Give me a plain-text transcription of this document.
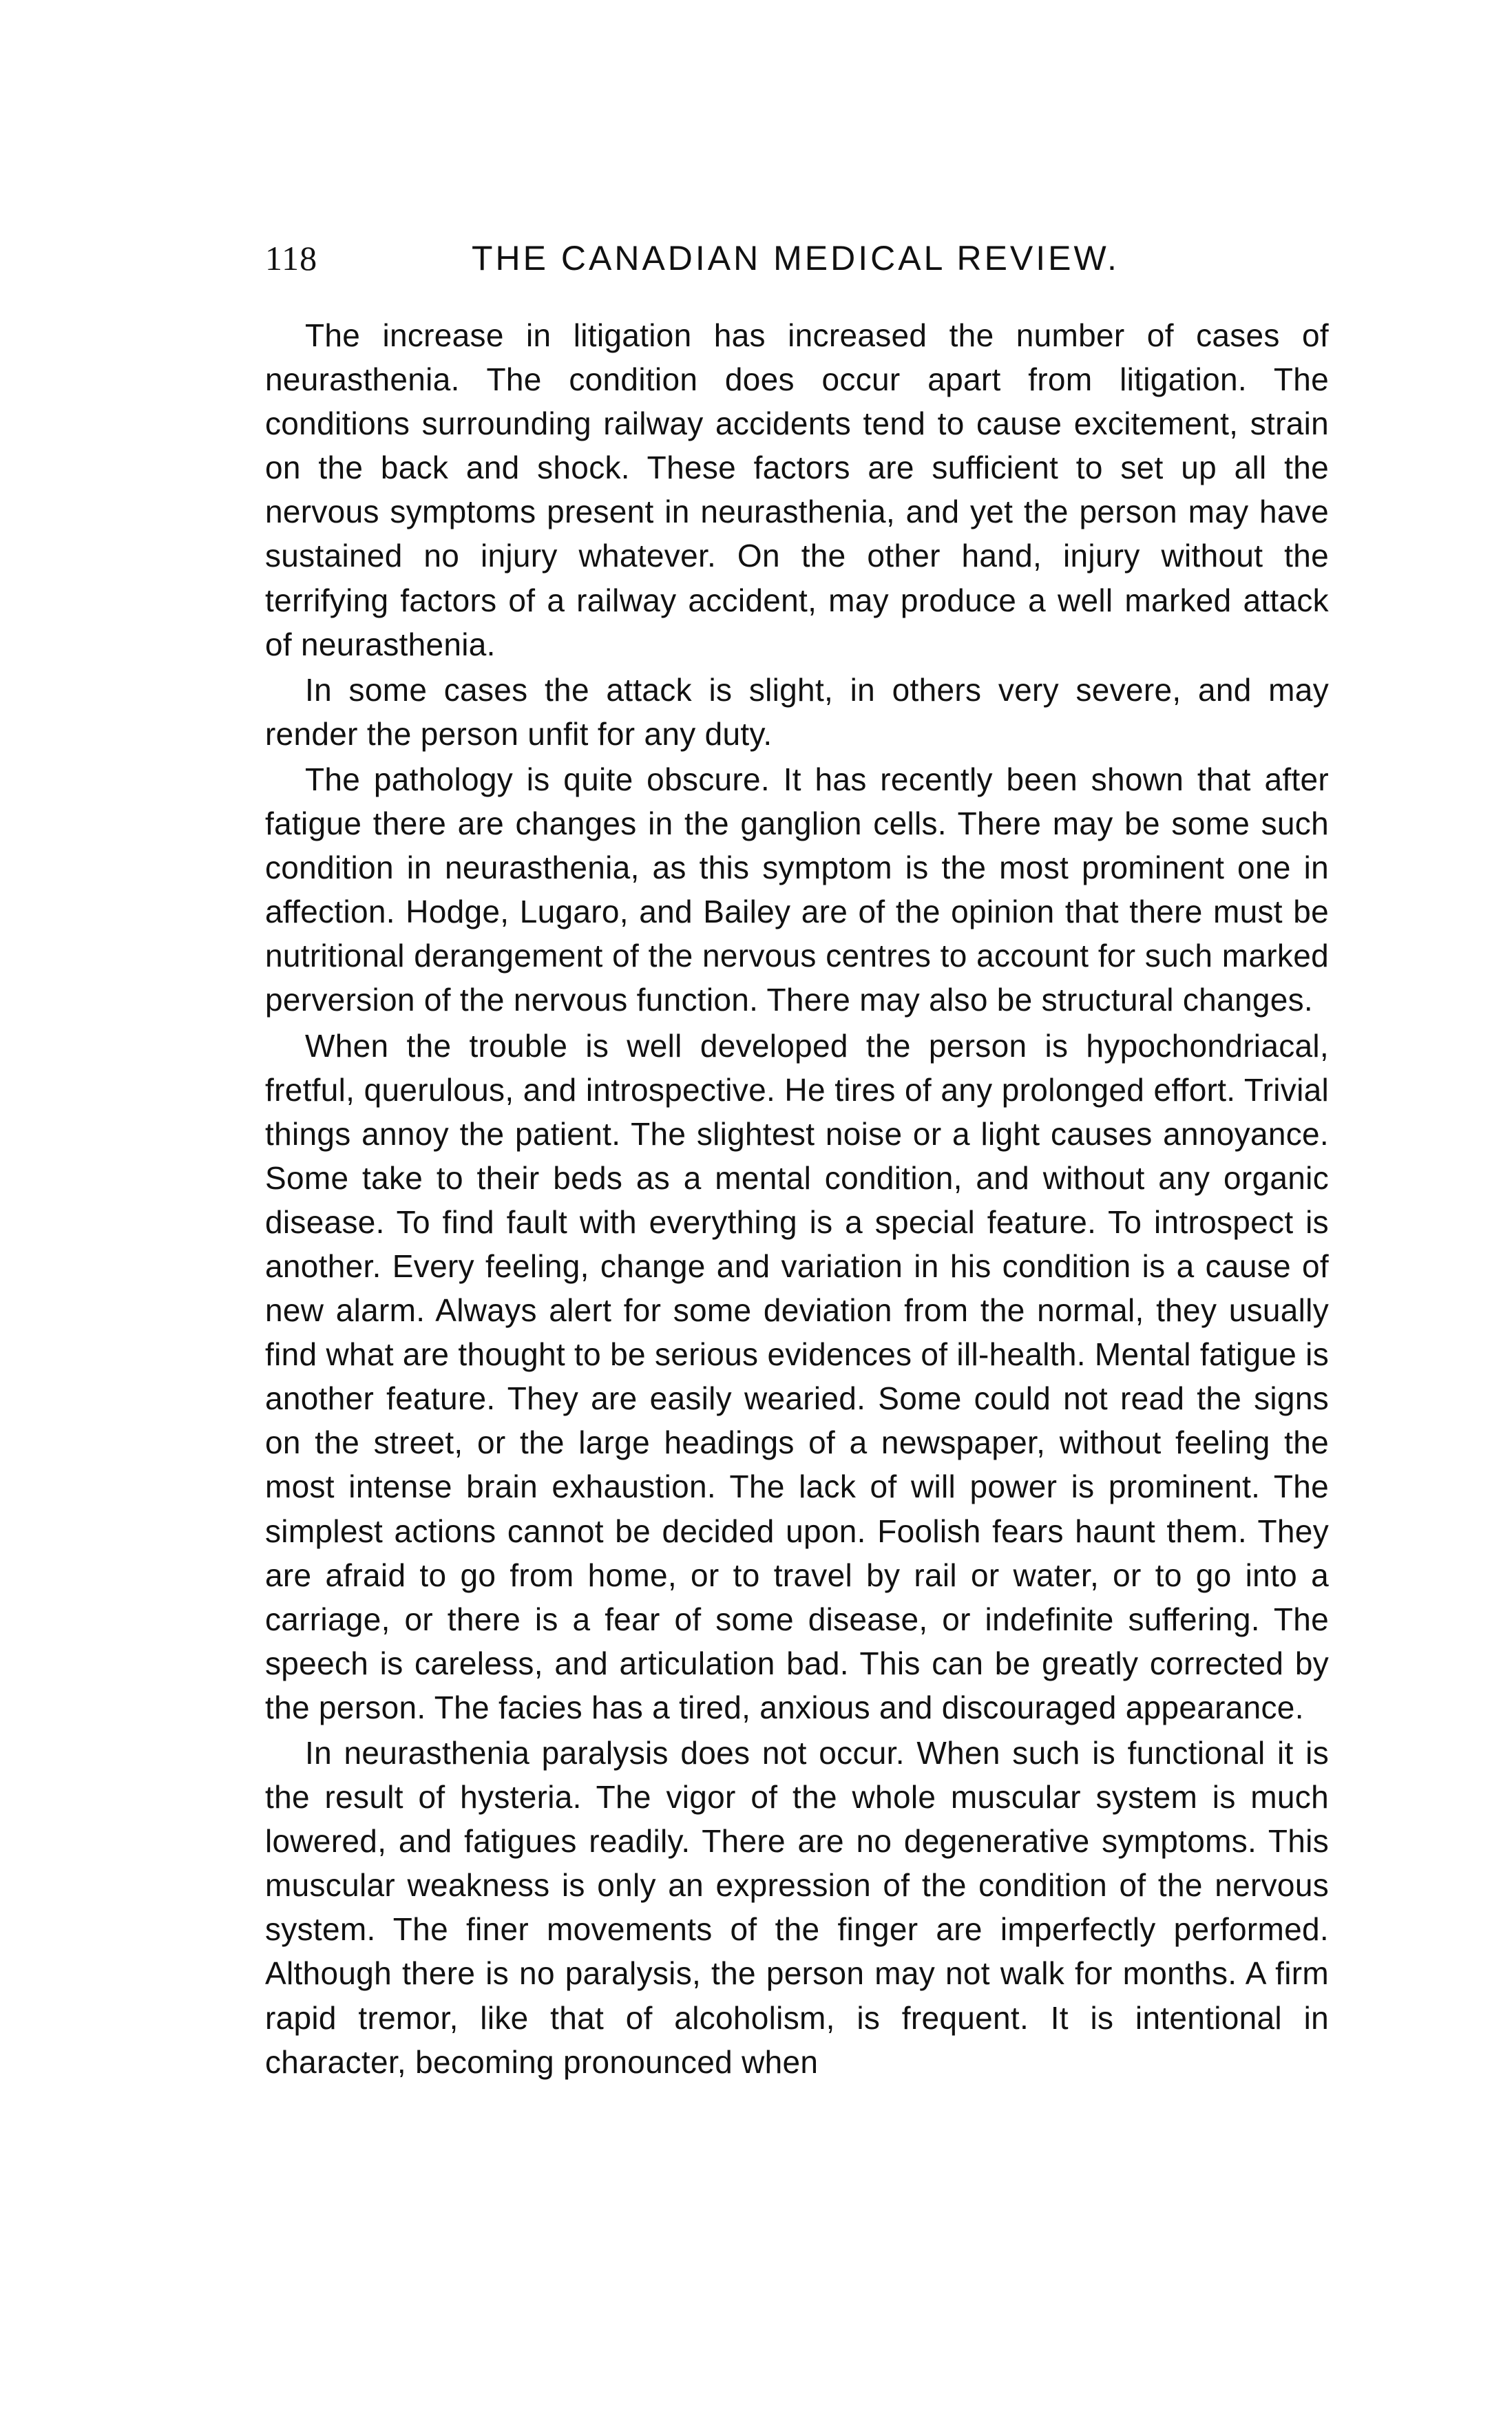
118	THE CANADIAN MEDICAL REVIEW.

The increase in litigation has increased the number of cases of neurasthenia. The condition does occur apart from litigation. The conditions surrounding railway accidents tend to cause excitement, strain on the back and shock. These factors are sufficient to set up all the nervous symptoms present in neurasthenia, and yet the person may have sustained no injury whatever. On the other hand, injury without the terrifying factors of a railway accident, may produce a well marked attack of neurasthenia.

In some cases the attack is slight, in others very severe, and may render the person unfit for any duty.

The pathology is quite obscure. It has recently been shown that after fatigue there are changes in the ganglion cells. There may be some such condition in neurasthenia, as this symptom is the most prominent one in affection. Hodge, Lugaro, and Bailey are of the opinion that there must be nutritional derangement of the nervous centres to account for such marked perversion of the nervous function. There may also be structural changes.

When the trouble is well developed the person is hypochondriacal, fretful, querulous, and introspective. He tires of any prolonged effort. Trivial things annoy the patient. The slightest noise or a light causes annoyance. Some take to their beds as a mental condition, and without any organic disease. To find fault with everything is a special feature. To introspect is another. Every feeling, change and variation in his condition is a cause of new alarm. Always alert for some deviation from the normal, they usually find what are thought to be serious evidences of ill-health. Mental fatigue is another feature. They are easily wearied. Some could not read the signs on the street, or the large headings of a newspaper, without feeling the most intense brain exhaustion. The lack of will power is prominent. The simplest actions cannot be decided upon. Foolish fears haunt them. They are afraid to go from home, or to travel by rail or water, or to go into a carriage, or there is a fear of some disease, or indefinite suffering. The speech is careless, and articulation bad. This can be greatly corrected by the person. The facies has a tired, anxious and discouraged appearance.

In neurasthenia paralysis does not occur. When such is functional it is the result of hysteria. The vigor of the whole muscular system is much lowered, and fatigues readily. There are no degenerative symptoms. This muscular weakness is only an expression of the condition of the nervous system. The finer movements of the finger are imperfectly performed. Although there is no paralysis, the person may not walk for months. A firm rapid tremor, like that of alcoholism, is frequent. It is intentional in character, becoming pronounced when
